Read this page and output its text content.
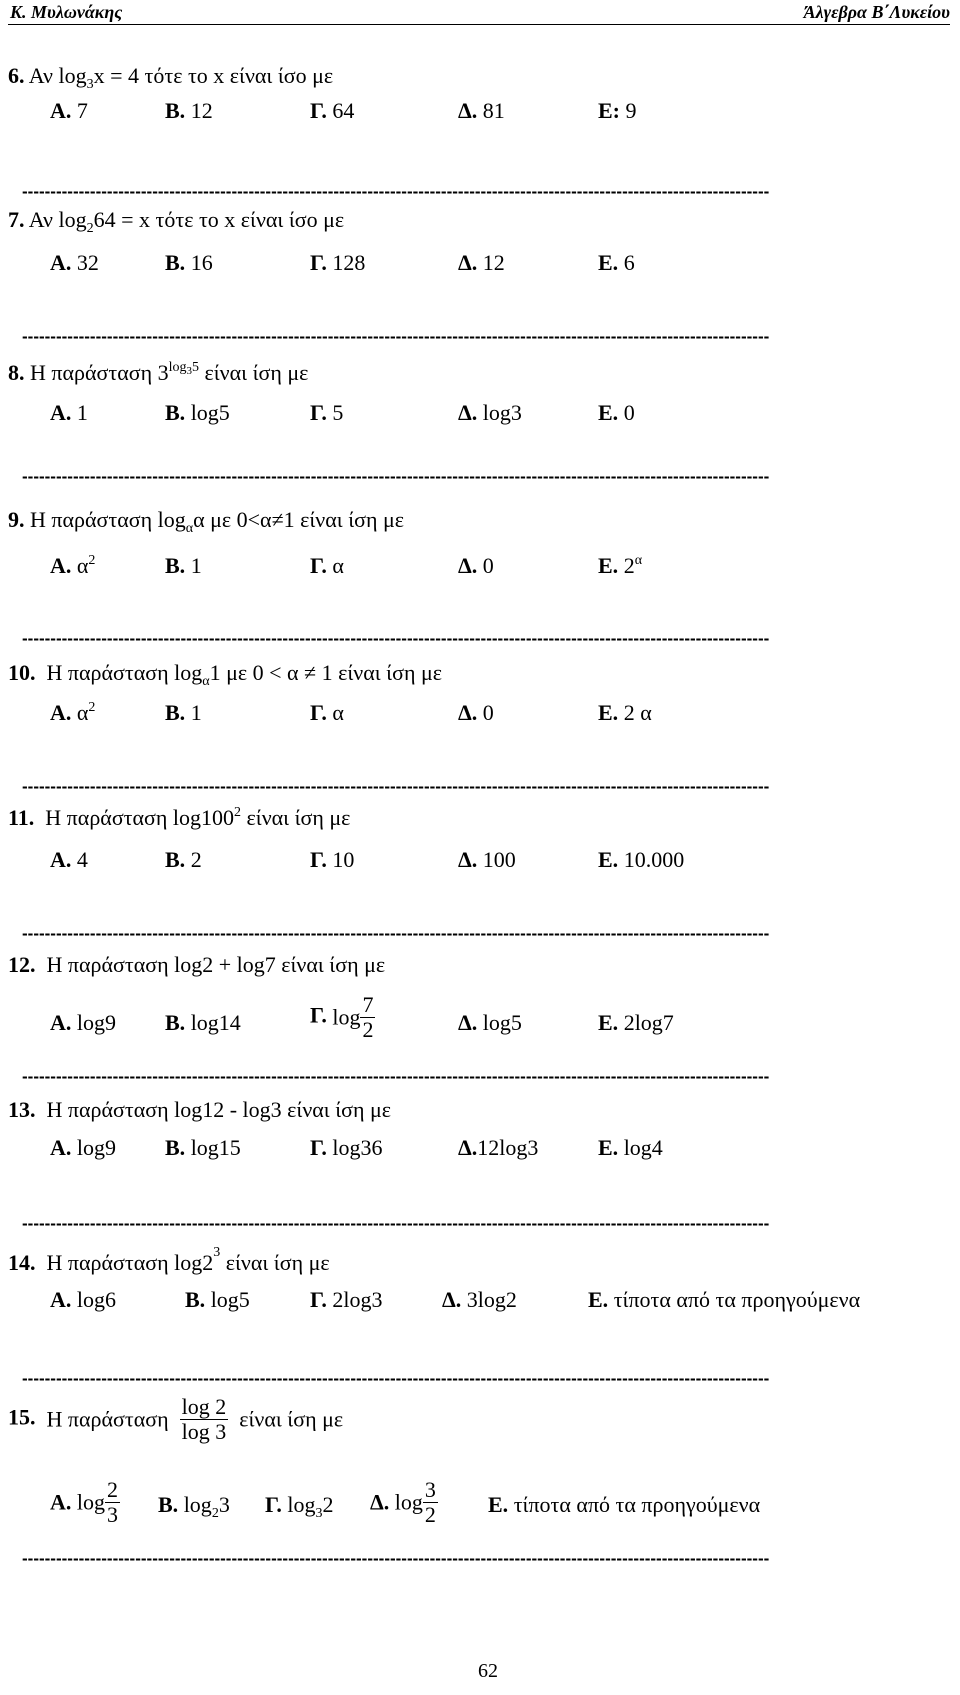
Κ. Μυλωνάκης	Άλγεβρα Β΄Λυκείου
6. Αν $\log_3x = 4$ τότε το x είναι ίσο με
Α. 7	Β. 12	Γ. 64	Δ. 81	Ε: 9
------------------------------------------------------------------------------------------------------------------------------------
7. Αν $\log_264 = x$ τότε το x είναι ίσο με
Α. 32	Β. 16	Γ. 128	Δ. 12	Ε. 6
------------------------------------------------------------------------------------------------------------------------------------
8. Η παράσταση $3^{log_35}$ είναι ίση με
Α. 1	Β. log5	Γ. 5	Δ. log3	Ε. 0
------------------------------------------------------------------------------------------------------------------------------------
9. Η παράσταση $\log_\alpha\alpha$ με 0<α≠1 είναι ίση με
Α. $\alpha^2$	Β. 1	Γ. α	Δ. 0	Ε. $2^\alpha$
------------------------------------------------------------------------------------------------------------------------------------
10. Η παράσταση $\log_\alpha 1$ με 0 < α ≠ 1 είναι ίση με
Α. $\alpha^2$	Β. 1	Γ. α	Δ. 0	Ε. 2 α
------------------------------------------------------------------------------------------------------------------------------------
11. Η παράσταση $\log 100^2$ είναι ίση με
Α. 4	Β. 2	Γ. 10	Δ. 100	Ε. 10.000
------------------------------------------------------------------------------------------------------------------------------------
12. Η παράσταση log2 + log7 είναι ίση με
Α. log9 Β. log14	Γ. $\log \frac{7}{2}$	Δ. log5	Ε. 2log7
------------------------------------------------------------------------------------------------------------------------------------
13. Η παράσταση log12 - log3 είναι ίση με
Α. log9 Β. log15	Γ. log36	Δ.12log3	Ε. log4
------------------------------------------------------------------------------------------------------------------------------------
14. Η παράσταση $\log 2^3$ είναι ίση με
Α. log6	Β. log5	Γ. 2log3	Δ. 3log2	Ε. τίποτα από τα προηγούμενα
------------------------------------------------------------------------------------------------------------------------------------
15. Η παράσταση $\frac{\log 2}{\log 3}$ είναι ίση με
Α. $\log \frac{2}{3} B$. $\log_23$ Γ. $\log_32$ Δ. $\log \frac{3}{2} E$. τίποτα από τα προηγούμενα
------------------------------------------------------------------------------------------------------------------------------------
62
